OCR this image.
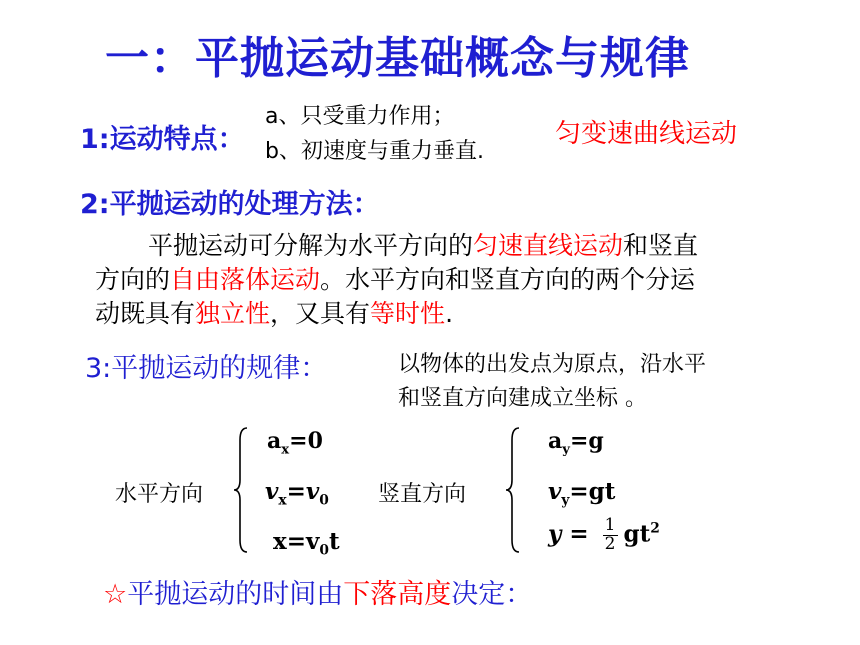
一：平抛运动基础概念与规律
1:运动特点：
a、只受重力作用；
b、初速度与重力垂直.
匀变速曲线运动
2:平抛运动的处理方法：
平抛运动可分解为水平方向的匀速直线运动和竖直
方向的自由落体运动。水平方向和竖直方向的两个分运
动既具有独立性，又具有等时性.
3:平抛运动的规律：	以物体的出发点为原点，沿水平
和竖直方向建成立坐标 。
水平方向
$a_x=0$
$v_x=v_0$
$x=v_0t$
竖直方向
$a_y=g$
$v_y=gt$
$y = \frac{1}{2} gt^2$
☆平抛运动的时间由下落高度决定：
